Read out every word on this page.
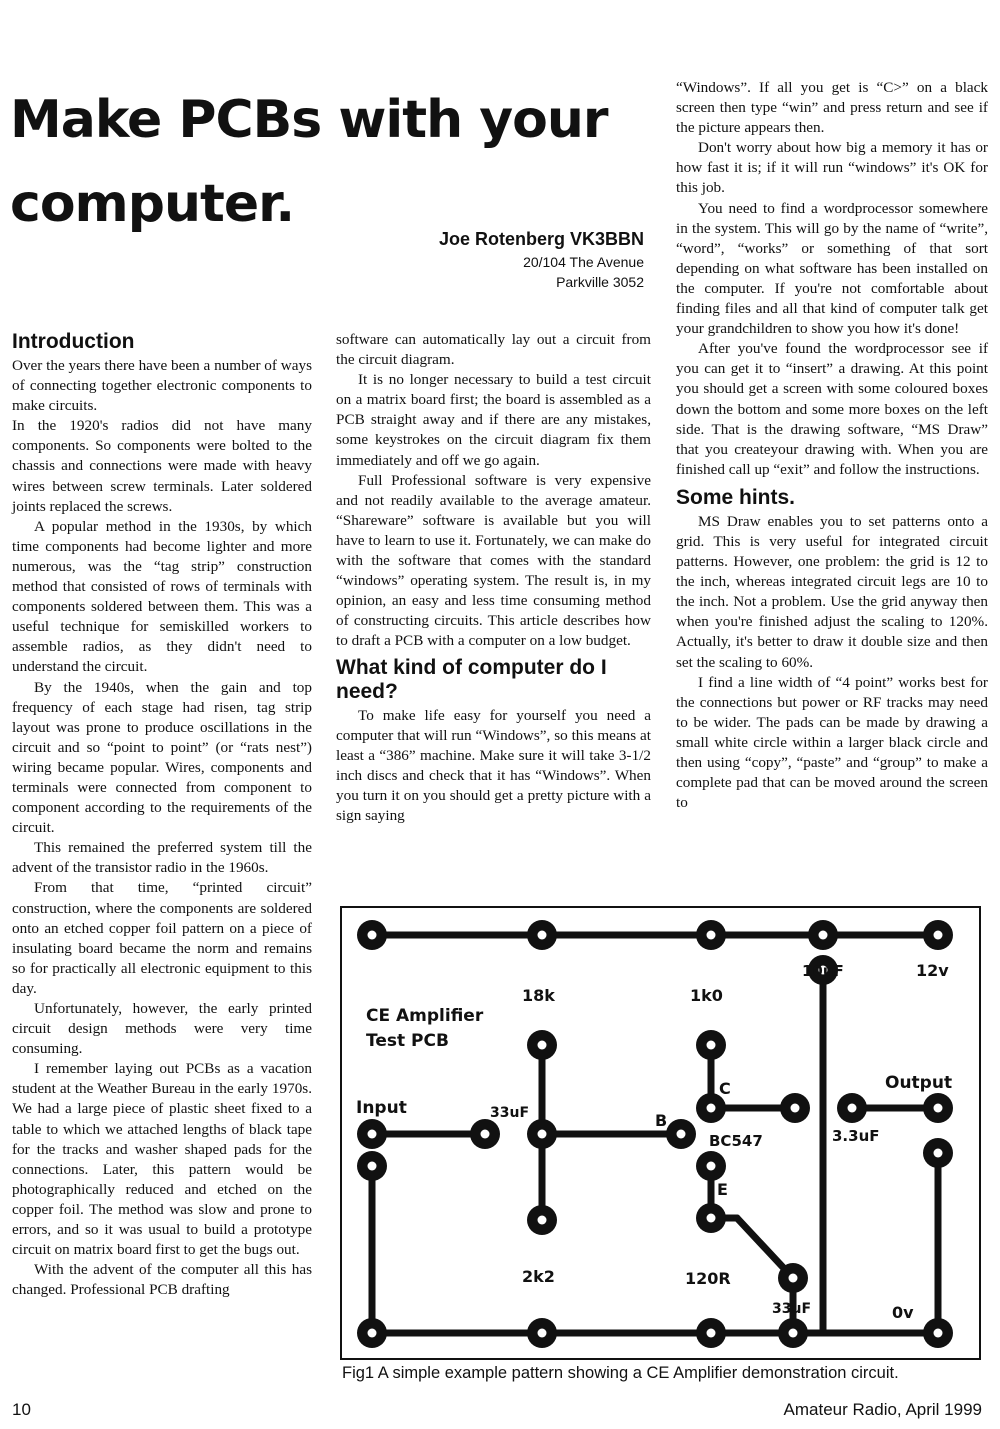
Make PCBs with your computer.
Joe Rotenberg VK3BBN
20/104 The Avenue
Parkville 3052
Introduction

Over the years there have been a number of ways of connecting together electronic components to make circuits.

In the 1920's radios did not have many components. So components were bolted to the chassis and connections were made with heavy wires between screw terminals. Later soldered joints replaced the screws.

A popular method in the 1930s, by which time components had become lighter and more numerous, was the “tag strip” construction method that consisted of rows of terminals with components soldered between them. This was a useful technique for semiskilled workers to assemble radios, as they didn't need to understand the circuit.

By the 1940s, when the gain and top frequency of each stage had risen, tag strip layout was prone to produce oscillations in the circuit and so “point to point” (or “rats nest”) wiring became popular. Wires, components and terminals were connected from component to component according to the requirements of the circuit.

This remained the preferred system till the advent of the transistor radio in the 1960s.

From that time, “printed circuit” construction, where the components are soldered onto an etched copper foil pattern on a piece of insulating board became the norm and remains so for practically all electronic equipment to this day.

Unfortunately, however, the early printed circuit design methods were very time consuming.

I remember laying out PCBs as a vacation student at the Weather Bureau in the early 1970s. We had a large piece of plastic sheet fixed to a table to which we attached lengths of black tape for the tracks and washer shaped pads for the connections. Later, this pattern would be photographically reduced and etched on the copper foil. The method was slow and prone to errors, and so it was usual to build a prototype circuit on matrix board first to get the bugs out.

With the advent of the computer all this has changed. Professional PCB drafting

software can automatically lay out a circuit from the circuit diagram.

It is no longer necessary to build a test circuit on a matrix board first; the board is assembled as a PCB straight away and if there are any mistakes, some keystrokes on the circuit diagram fix them immediately and off we go again.

Full Professional software is very expensive and not readily available to the average amateur. “Shareware” software is available but you will have to learn to use it. Fortunately, we can make do with the software that comes with the standard “windows” operating system. The result is, in my opinion, an easy and less time consuming method of constructing circuits. This article describes how to draft a PCB with a computer on a low budget.

What kind of computer do I need?

To make life easy for yourself you need a computer that will run “Windows”, so this means at least a “386” machine. Make sure it will take 3-1/2 inch discs and check that it has “Windows”. When you turn it on you should get a pretty picture with a sign saying

“Windows”. If all you get is “C>” on a black screen then type “win” and press return and see if the picture appears then.

Don't worry about how big a memory it has or how fast it is; if it will run “windows” it's OK for this job.

You need to find a wordprocessor somewhere in the system. This will go by the name of “write”, “word”, “works” or something of that sort depending on what software has been installed on the computer. If you're not comfortable about finding files and all that kind of computer talk get your grandchildren to show you how it's done!

After you've found the wordprocessor see if you can get it to “insert” a drawing. At this point you should get a screen with some coloured boxes down the bottom and some more boxes on the left side. That is the drawing software, “MS Draw” that you createyour drawing with. When you are finished call up “exit” and follow the instructions.

Some hints.

MS Draw enables you to set patterns onto a grid. This is very useful for integrated circuit patterns. However, one problem: the grid is 12 to the inch, whereas integrated circuit legs are 10 to the inch. Not a problem. Use the grid anyway then when you're finished adjust the scaling to 120%. Actually, it's better to draw it double size and then set the scaling to 60%.

I find a line width of “4 point” works best for the connections but power or RF tracks may need to be wider. The pads can be made by drawing a small white circle within a larger black circle and then using “copy”, “paste” and “group” to make a complete pad that can be moved around the screen to

CE Amplifier
Test PCB
18k	1k0
10uF	12v
Input	33uF	B
C
BC547
E
Output
3.3uF
2k2	120R
33uF	0v
Fig1 A simple example pattern showing a CE Amplifier demonstration circuit.
10	Amateur Radio, April 1999
